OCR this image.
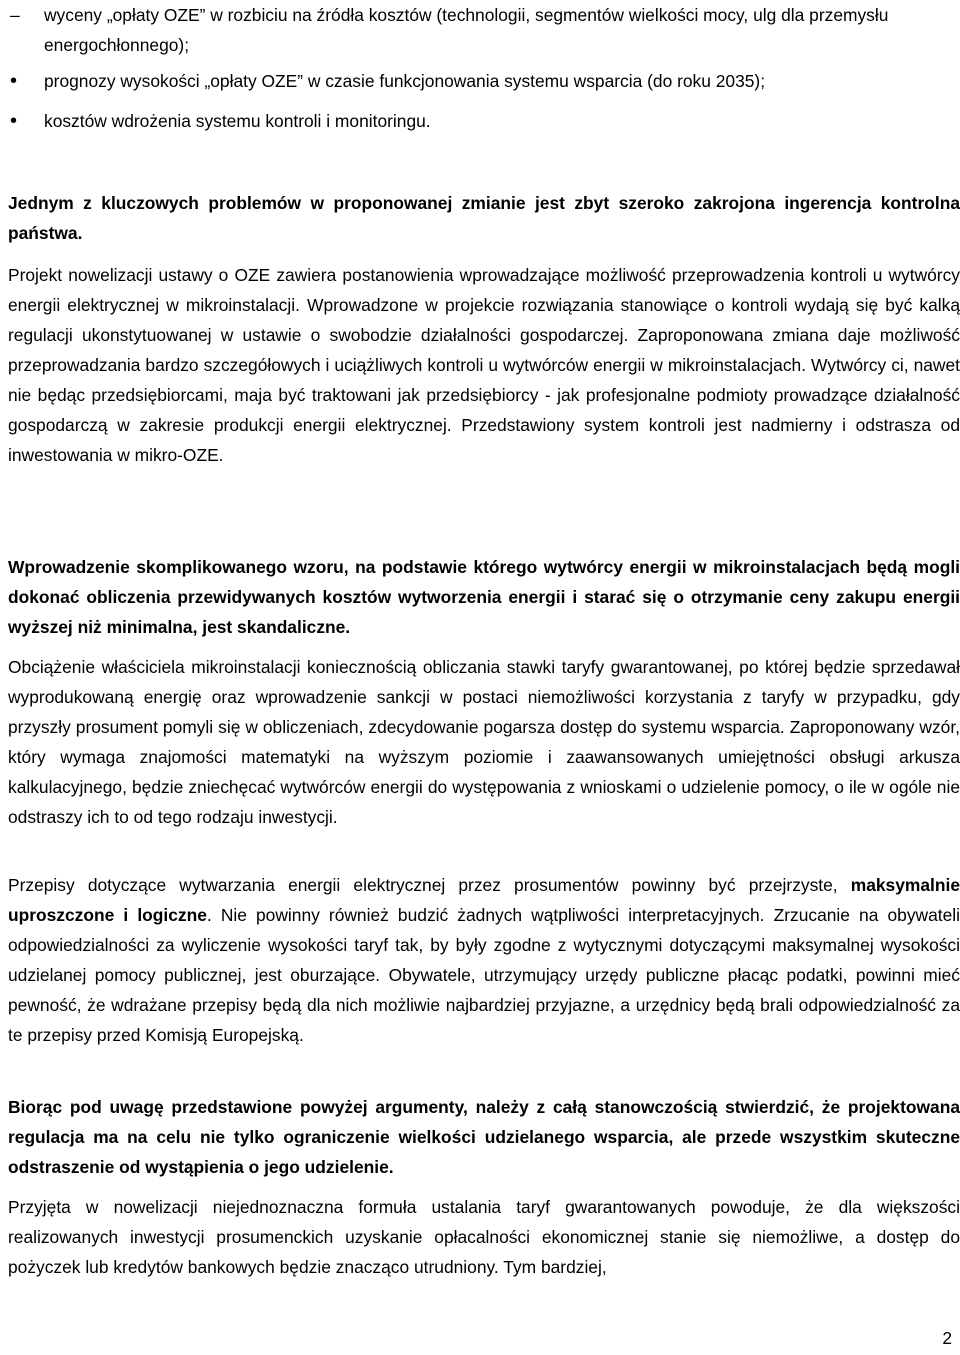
–	wyceny „opłaty OZE” w rozbiciu na źródła kosztów (technologii, segmentów wielkości mocy, ulg dla przemysłu energochłonnego);
•	prognozy wysokości „opłaty OZE” w czasie funkcjonowania systemu wsparcia (do roku 2035);
•	kosztów wdrożenia systemu kontroli i monitoringu.
Jednym z kluczowych problemów w proponowanej zmianie jest zbyt szeroko zakrojona ingerencja kontrolna państwa.
Projekt nowelizacji ustawy o OZE zawiera postanowienia wprowadzające możliwość przeprowadzenia kontroli u wytwórcy energii elektrycznej w mikroinstalacji. Wprowadzone w projekcie rozwiązania stanowiące o kontroli wydają się być kalką regulacji ukonstytuowanej w ustawie o swobodzie działalności gospodarczej. Zaproponowana zmiana daje możliwość przeprowadzania bardzo szczegółowych i uciążliwych kontroli u wytwórców energii w mikroinstalacjach. Wytwórcy ci, nawet nie będąc przedsiębiorcami, maja być traktowani jak przedsiębiorcy - jak profesjonalne podmioty prowadzące działalność gospodarczą w zakresie produkcji energii elektrycznej. Przedstawiony system kontroli jest nadmierny i odstrasza od inwestowania w mikro-OZE.
Wprowadzenie skomplikowanego wzoru, na podstawie którego wytwórcy energii w mikroinstalacjach będą mogli dokonać obliczenia przewidywanych kosztów wytworzenia energii i starać się o otrzymanie ceny zakupu energii wyższej niż minimalna, jest skandaliczne.
Obciążenie właściciela mikroinstalacji koniecznością obliczania stawki taryfy gwarantowanej, po której będzie sprzedawał wyprodukowaną energię oraz wprowadzenie sankcji w postaci niemożliwości korzystania z taryfy w przypadku, gdy przyszły prosument pomyli się w obliczeniach, zdecydowanie pogarsza dostęp do systemu wsparcia. Zaproponowany wzór, który wymaga znajomości matematyki na wyższym poziomie i zaawansowanych umiejętności obsługi arkusza kalkulacyjnego, będzie zniechęcać wytwórców energii do występowania z wnioskami o udzielenie pomocy, o ile w ogóle nie odstraszy ich to od tego rodzaju inwestycji.
Przepisy dotyczące wytwarzania energii elektrycznej przez prosumentów powinny być przejrzyste, maksymalnie uproszczone i logiczne. Nie powinny również budzić żadnych wątpliwości interpretacyjnych. Zrzucanie na obywateli odpowiedzialności za wyliczenie wysokości taryf tak, by były zgodne z wytycznymi dotyczącymi maksymalnej wysokości udzielanej pomocy publicznej, jest oburzające. Obywatele, utrzymujący urzędy publiczne płacąc podatki, powinni mieć pewność, że wdrażane przepisy będą dla nich możliwie najbardziej przyjazne, a urzędnicy będą brali odpowiedzialność za te przepisy przed Komisją Europejską.
Biorąc pod uwagę przedstawione powyżej argumenty, należy z całą stanowczością stwierdzić, że projektowana regulacja ma na celu nie tylko ograniczenie wielkości udzielanego wsparcia, ale przede wszystkim skuteczne odstraszenie od wystąpienia o jego udzielenie.
Przyjęta w nowelizacji niejednoznaczna formuła ustalania taryf gwarantowanych powoduje, że dla większości realizowanych inwestycji prosumenckich uzyskanie opłacalności ekonomicznej stanie się niemożliwe, a dostęp do pożyczek lub kredytów bankowych będzie znacząco utrudniony. Tym bardziej,
2
